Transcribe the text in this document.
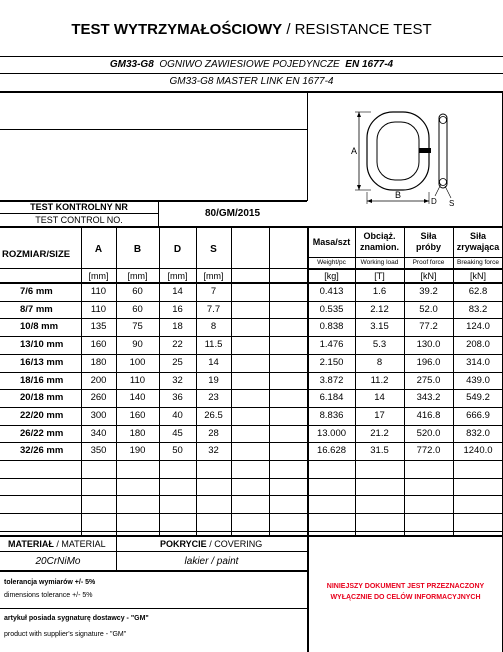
TEST WYTRZYMAŁOŚCIOWY / RESISTANCE TEST
GM33-G8 OGNIWO ZAWIESIOWE POJEDYNCZE EN 1677-4
GM33-G8 MASTER LINK EN 1677-4
A
B
D S
TEST KONTROLNY NR
TEST CONTROL NO.
80/GM/2015
ROZMIAR/SIZE	A	B	D	S
Masa/szt
Weight/pc
Obciąż.
znamion.
Working load
Siła
próby
Proof force
Siła
zrywająca
Breaking force
[mm]	[mm]	[mm]	[mm]	[kg]	[T]	[kN]	[kN]
7/6 mm	110	60	14	7	0.413	1.6	39.2	62.8
8/7 mm	110	60	16	7.7	0.535	2.12	52.0	83.2
10/8 mm	135	75	18	8	0.838	3.15	77.2	124.0
13/10 mm	160	90	22	11.5	1.476	5.3	130.0	208.0
16/13 mm	180	100	25	14	2.150	8	196.0	314.0
18/16 mm	200	110	32	19	3.872	11.2	275.0	439.0
20/18 mm	260	140	36	23	6.184	14	343.2	549.2
22/20 mm	300	160	40	26.5	8.836	17	416.8	666.9
26/22 mm	340	180	45	28	13.000	21.2	520.0	832.0
32/26 mm	350	190	50	32	16.628	31.5	772.0	1240.0
MATERIAŁ / MATERIAL
20CrNiMo
POKRYCIE / COVERING
lakier / paint
tolerancja wymiarów +/- 5%
dimensions tolerance +/- 5%
artykuł posiada sygnaturę dostawcy - "GM"
product with supplier's signature - "GM"
NINIEJSZY DOKUMENT JEST PRZEZNACZONY
WYŁĄCZNIE DO CELÓW INFORMACYJNYCH
